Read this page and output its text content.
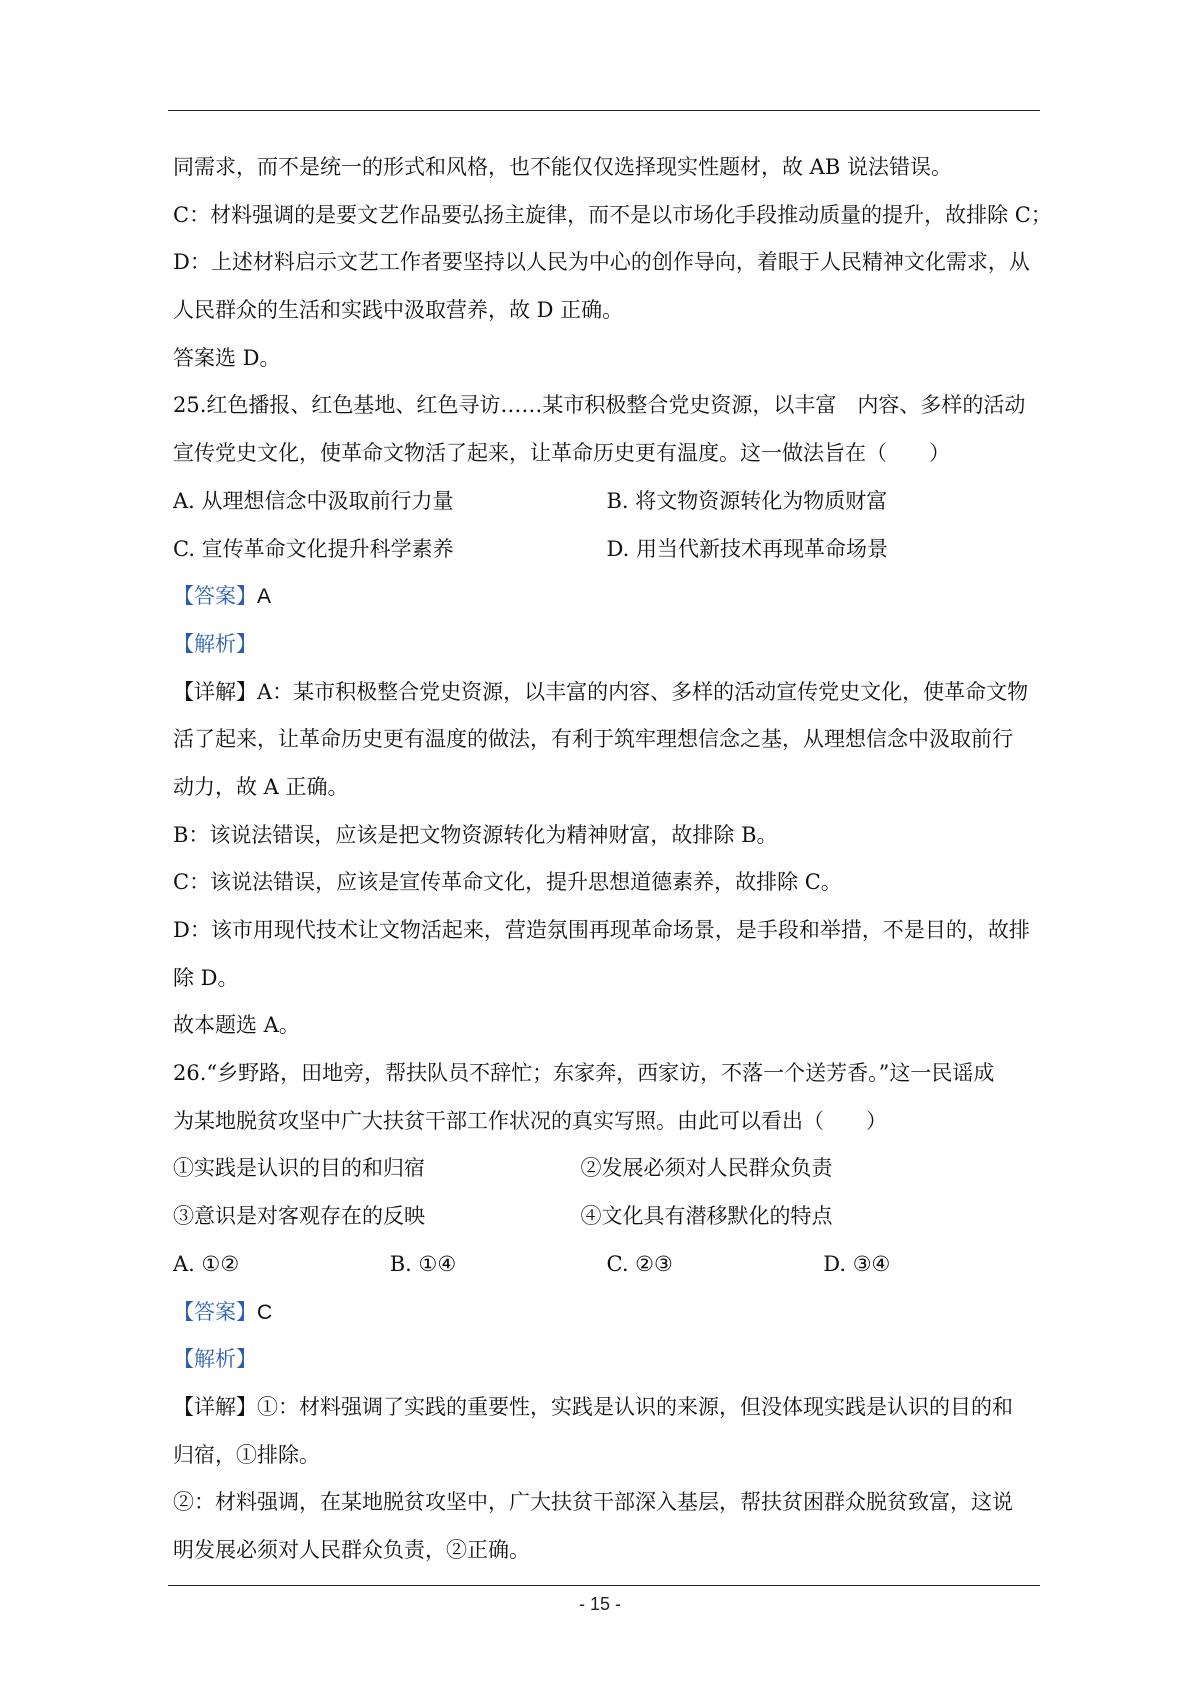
同需求，而不是统一的形式和风格，也不能仅仅选择现实性题材，故 AB 说法错误。
C：材料强调的是要文艺作品要弘扬主旋律，而不是以市场化手段推动质量的提升，故排除 C；
D：上述材料启示文艺工作者要坚持以人民为中心的创作导向，着眼于人民精神文化需求，从
人民群众的生活和实践中汲取营养，故 D 正确。
答案选 D。
25.红色播报、红色基地、红色寻访……某市积极整合党史资源，以丰富　内容、多样的活动
宣传党史文化，使革命文物活了起来，让革命历史更有温度。这一做法旨在（　　）
A. 从理想信念中汲取前行力量	B. 将文物资源转化为物质财富
C. 宣传革命文化提升科学素养	D. 用当代新技术再现革命场景
【答案】A
【解析】
【详解】A：某市积极整合党史资源，以丰富的内容、多样的活动宣传党史文化，使革命文物
活了起来，让革命历史更有温度的做法，有利于筑牢理想信念之基，从理想信念中汲取前行
动力，故 A 正确。
B：该说法错误，应该是把文物资源转化为精神财富，故排除 B。
C：该说法错误，应该是宣传革命文化，提升思想道德素养，故排除 C。
D：该市用现代技术让文物活起来，营造氛围再现革命场景，是手段和举措，不是目的，故排
除 D。
故本题选 A。
26.“乡野路，田地旁，帮扶队员不辞忙；东家奔，西家访，不落一个送芳香。”这一民谣成
为某地脱贫攻坚中广大扶贫干部工作状况的真实写照。由此可以看出（　　）
①实践是认识的目的和归宿	②发展必须对人民群众负责
③意识是对客观存在的反映	④文化具有潜移默化的特点
A. ①②	B. ①④	C. ②③	D. ③④
【答案】C
【解析】
【详解】①：材料强调了实践的重要性，实践是认识的来源，但没体现实践是认识的目的和
归宿，①排除。
②：材料强调，在某地脱贫攻坚中，广大扶贫干部深入基层，帮扶贫困群众脱贫致富，这说
明发展必须对人民群众负责，②正确。
- 15 -
